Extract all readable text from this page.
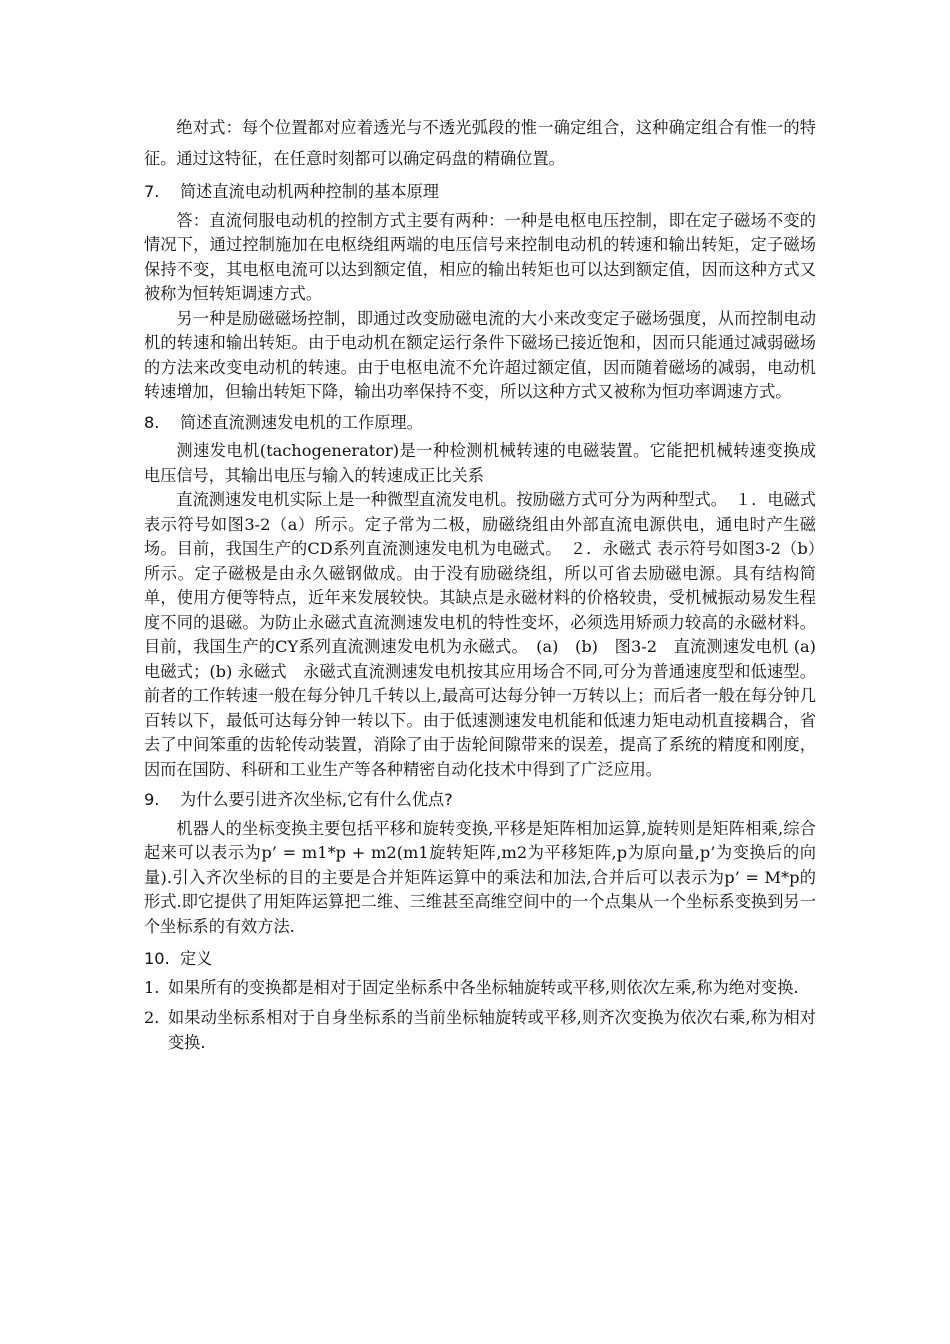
绝对式：每个位置都对应着透光与不透光弧段的惟一确定组合，这种确定组合有惟一的特征。通过这特征，在任意时刻都可以确定码盘的精确位置。

7. 简述直流电动机两种控制的基本原理

答：直流伺服电动机的控制方式主要有两种：一种是电枢电压控制，即在定子磁场不变的情况下，通过控制施加在电枢绕组两端的电压信号来控制电动机的转速和输出转矩，定子磁场保持不变，其电枢电流可以达到额定值，相应的输出转矩也可以达到额定值，因而这种方式又被称为恒转矩调速方式。

另一种是励磁磁场控制，即通过改变励磁电流的大小来改变定子磁场强度，从而控制电动机的转速和输出转矩。由于电动机在额定运行条件下磁场已接近饱和，因而只能通过减弱磁场的方法来改变电动机的转速。由于电枢电流不允许超过额定值，因而随着磁场的减弱，电动机转速增加，但输出转矩下降，输出功率保持不变，所以这种方式又被称为恒功率调速方式。

8. 简述直流测速发电机的工作原理。

测速发电机(tachogenerator)是一种检测机械转速的电磁装置。它能把机械转速变换成电压信号，其输出电压与输入的转速成正比关系

直流测速发电机实际上是一种微型直流发电机。按励磁方式可分为两种型式。　１．电磁式 表示符号如图3-2（a）所示。定子常为二极，励磁绕组由外部直流电源供电，通电时产生磁场。目前，我国生产的CD系列直流测速发电机为电磁式。　２．永磁式 表示符号如图3-2（b）所示。定子磁极是由永久磁钢做成。由于没有励磁绕组，所以可省去励磁电源。具有结构简单，使用方便等特点，近年来发展较快。其缺点是永磁材料的价格较贵，受机械振动易发生程度不同的退磁。为防止永磁式直流测速发电机的特性变坏，必须选用矫顽力较高的永磁材料。目前，我国生产的CY系列直流测速发电机为永磁式。　(a)　(b)　图3-2　直流测速发电机 (a) 电磁式；(b) 永磁式　永磁式直流测速发电机按其应用场合不同,可分为普通速度型和低速型。前者的工作转速一般在每分钟几千转以上,最高可达每分钟一万转以上；而后者一般在每分钟几百转以下，最低可达每分钟一转以下。由于低速测速发电机能和低速力矩电动机直接耦合，省去了中间笨重的齿轮传动装置，消除了由于齿轮间隙带来的误差，提高了系统的精度和刚度，因而在国防、科研和工业生产等各种精密自动化技术中得到了广泛应用。

9. 为什么要引进齐次坐标,它有什么优点?

机器人的坐标变换主要包括平移和旋转变换,平移是矩阵相加运算,旋转则是矩阵相乘,综合起来可以表示为p’ = m1*p + m2(m1旋转矩阵,m2为平移矩阵,p为原向量,p’为变换后的向量).引入齐次坐标的目的主要是合并矩阵运算中的乘法和加法,合并后可以表示为p’ = M*p的形式.即它提供了用矩阵运算把二维、三维甚至高维空间中的一个点集从一个坐标系变换到另一个坐标系的有效方法.

10. 定义
1. 如果所有的变换都是相对于固定坐标系中各坐标轴旋转或平移,则依次左乘,称为绝对变换.
2. 如果动坐标系相对于自身坐标系的当前坐标轴旋转或平移,则齐次变换为依次右乘,称为相对变换.
